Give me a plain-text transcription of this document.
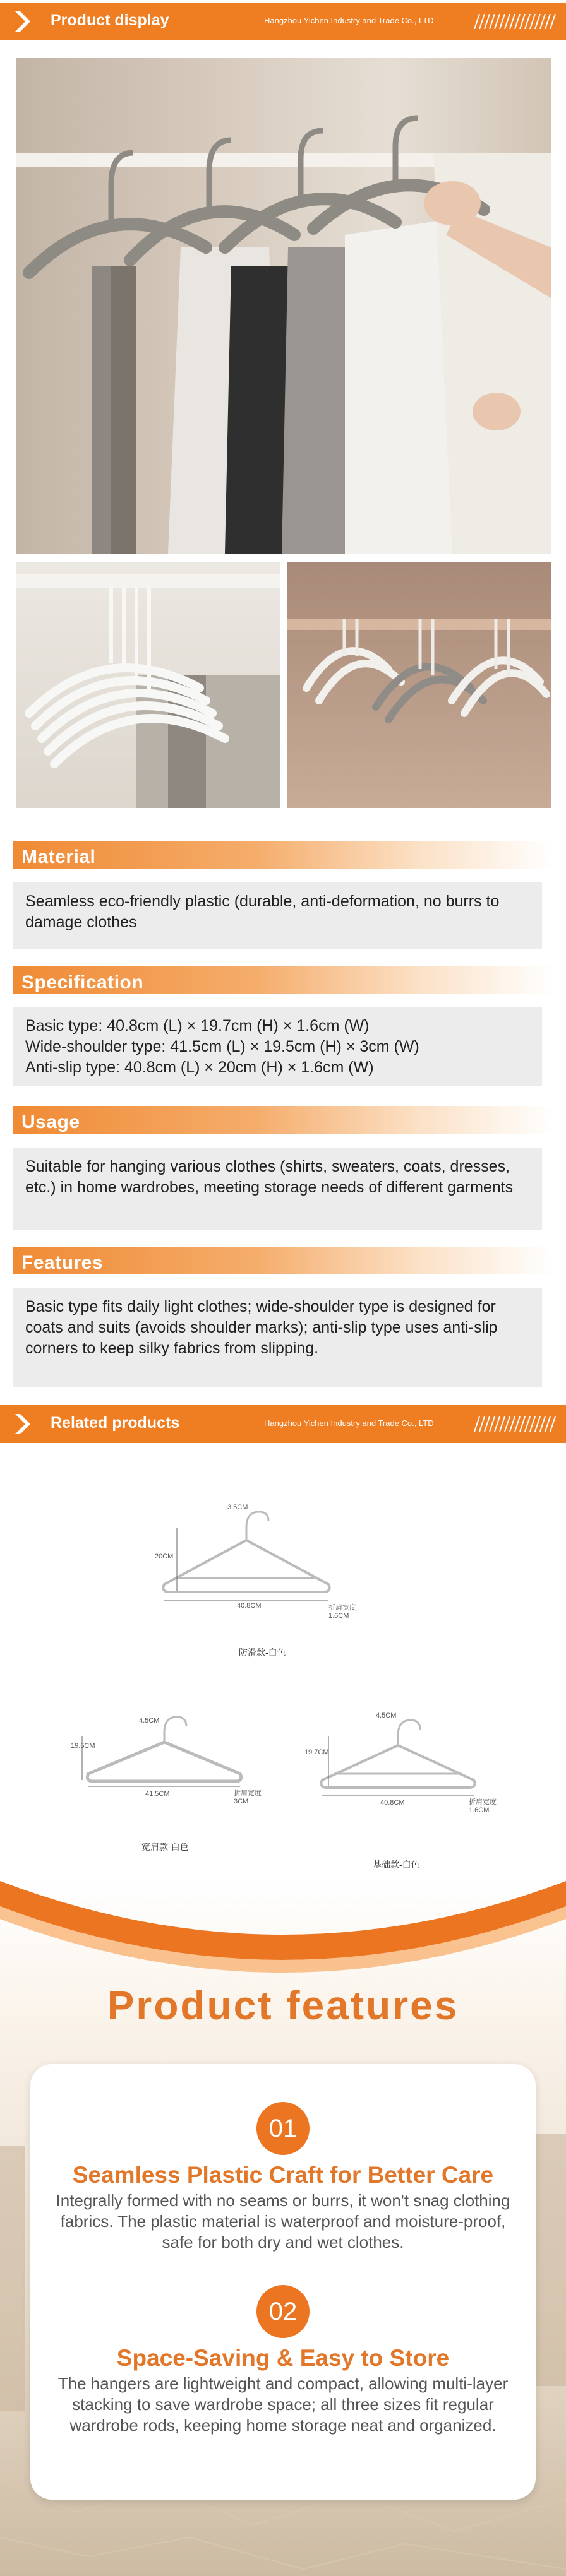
Product display	Hangzhou Yichen Industry and Trade Co., LTD
Material
Seamless eco-friendly plastic (durable, anti-deformation, no burrs to damage clothes
Specification
Basic type: 40.8cm (L) × 19.7cm (H) × 1.6cm (W)
Wide-shoulder type: 41.5cm (L) × 19.5cm (H) × 3cm (W)
Anti-slip type: 40.8cm (L) × 20cm (H) × 1.6cm (W)
Usage
Suitable for hanging various clothes (shirts, sweaters, coats, dresses, etc.) in home wardrobes, meeting storage needs of different garments
Features
Basic type fits daily light clothes; wide-shoulder type is designed for coats and suits (avoids shoulder marks); anti-slip type uses anti-slip corners to keep silky fabrics from slipping.
Related products	Hangzhou Yichen Industry and Trade Co., LTD
20CM
3.5CM
40.8CM	折肩宽度
1.6CM
防滑款-白色
19.5CM
4.5CM
41.5CM	折肩宽度
3CM
宽肩款-白色
19.7CM
4.5CM
40.8CM	折肩宽度
1.6CM
基础款-白色
Product features
01
Seamless Plastic Craft for Better Care
Integrally formed with no seams or burrs, it won't snag clothing fabrics. The plastic material is waterproof and moisture-proof, safe for both dry and wet clothes.
02
Space-Saving & Easy to Store
The hangers are lightweight and compact, allowing multi-layer stacking to save wardrobe space; all three sizes fit regular wardrobe rods, keeping home storage neat and organized.
